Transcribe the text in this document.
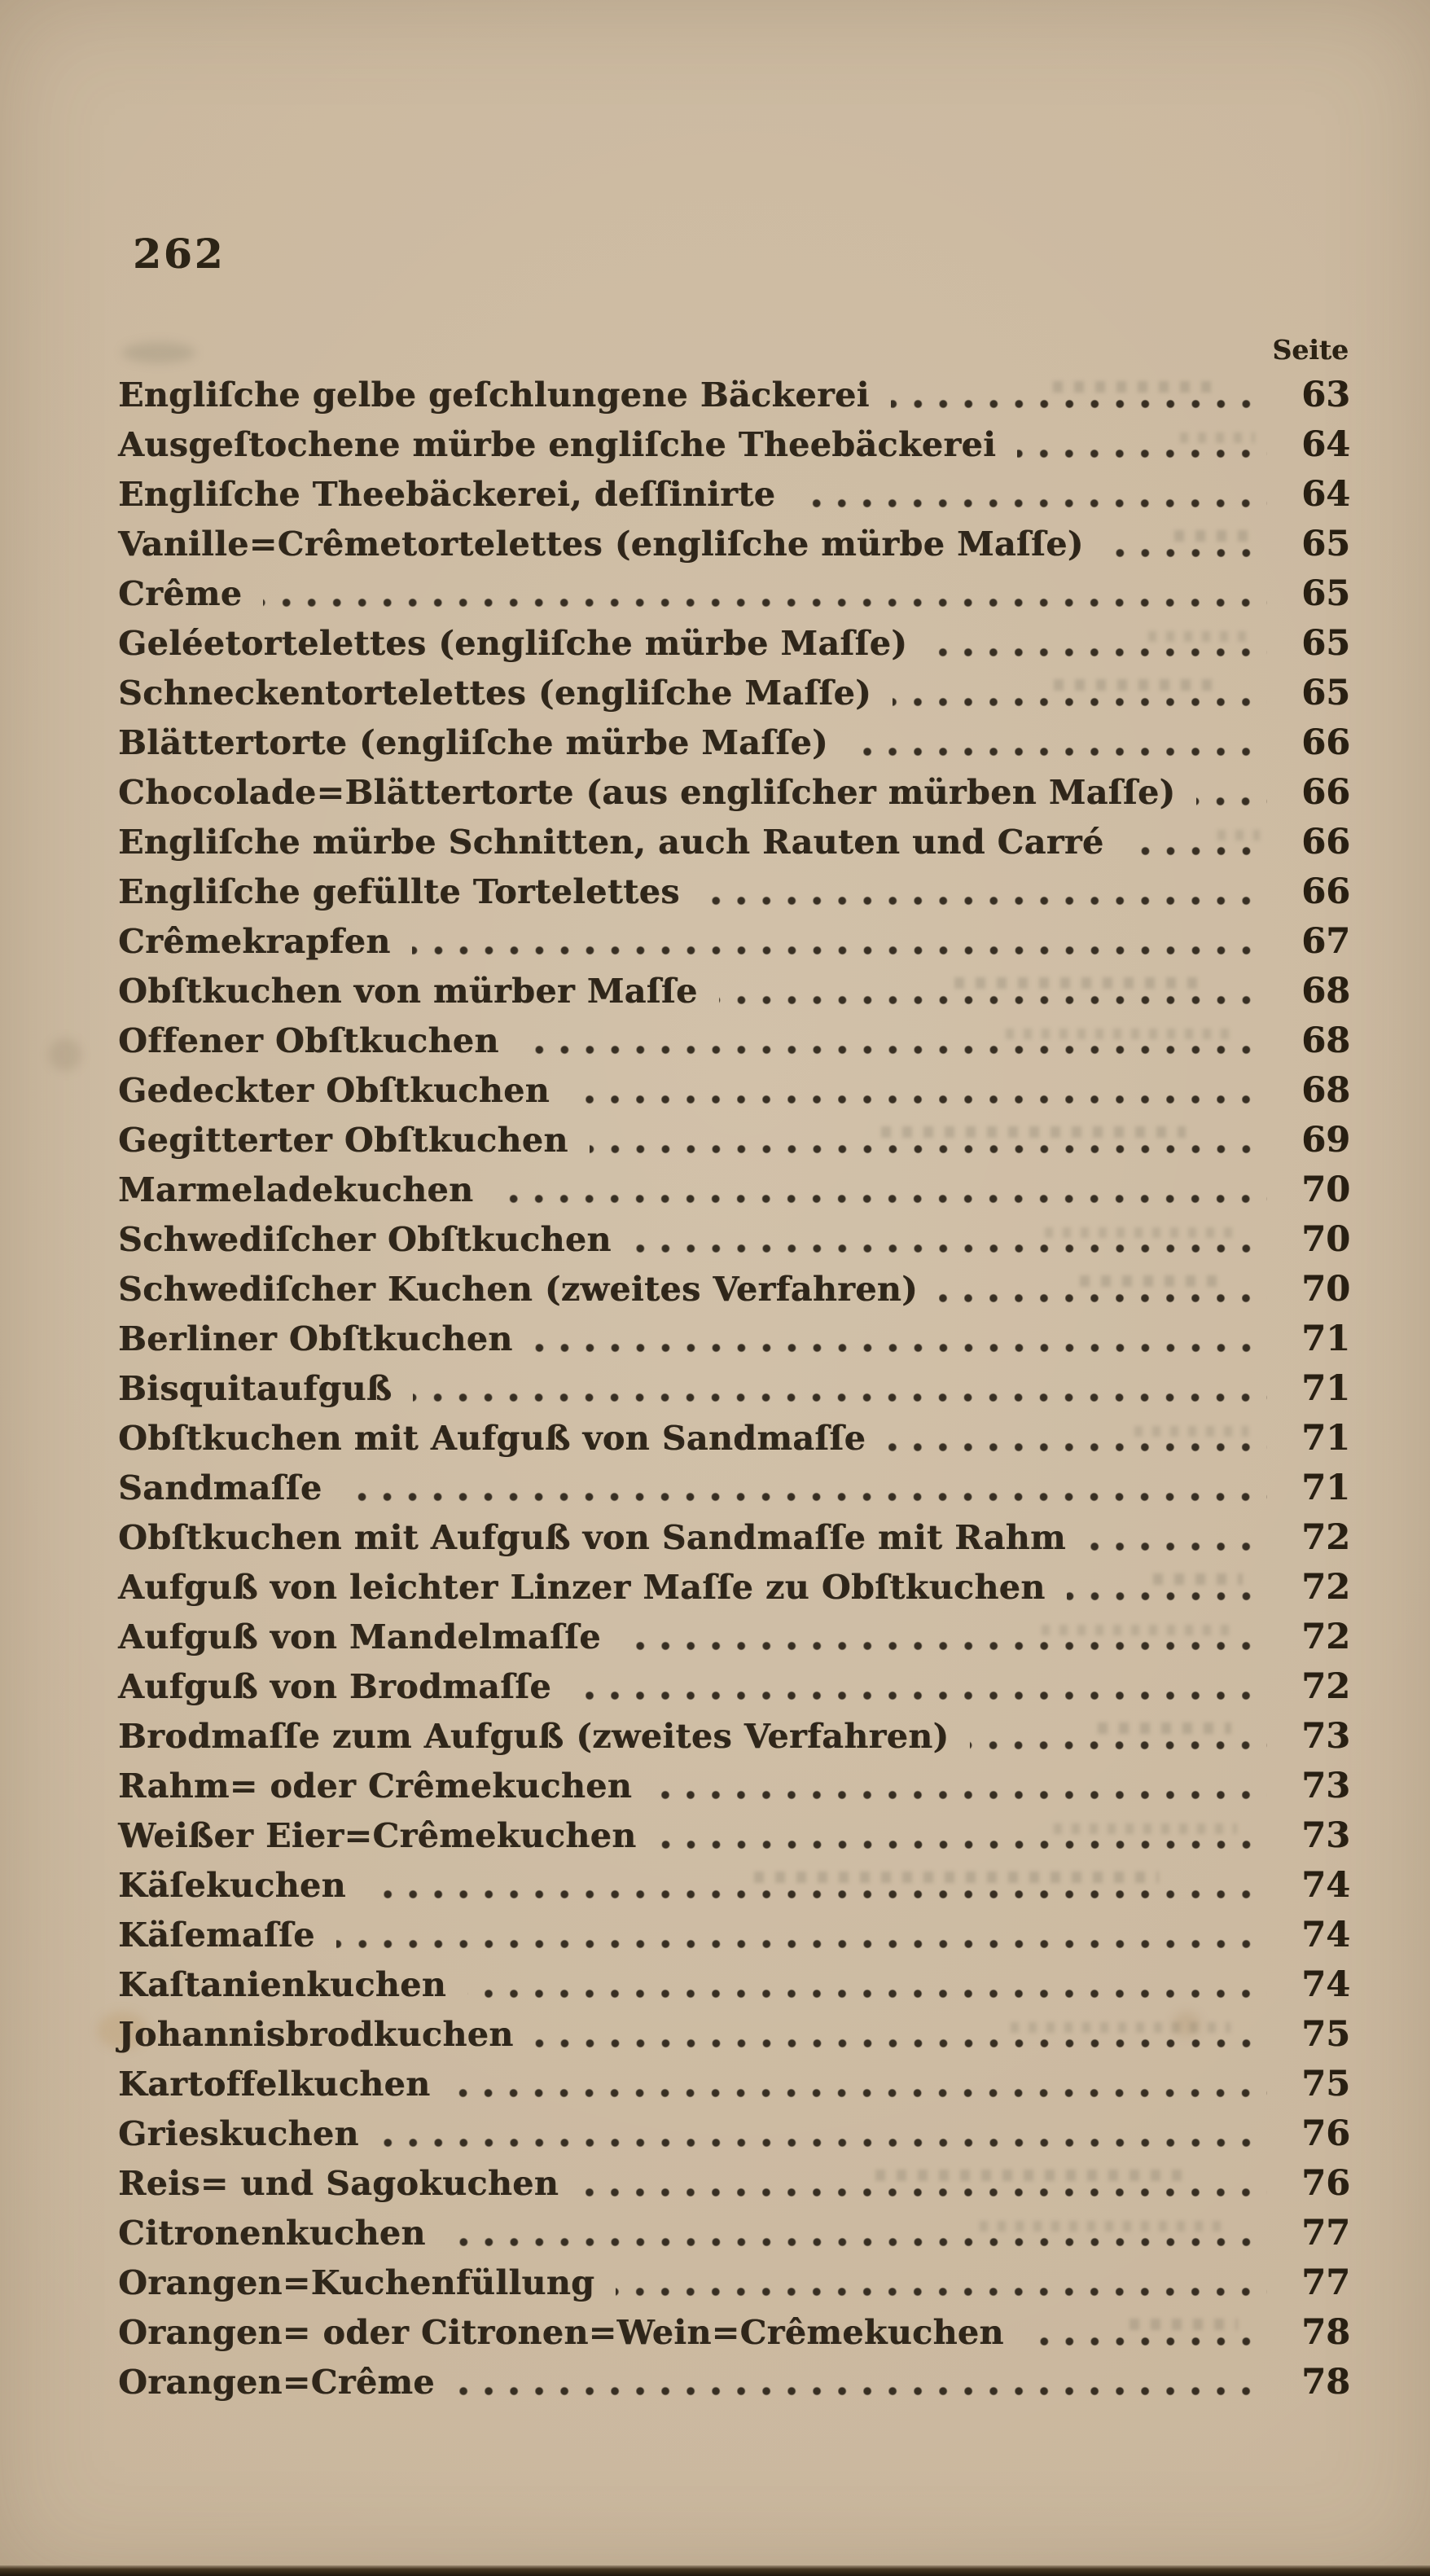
262
Seite
Engliſche gelbe geſchlungene Bäckerei	63
Ausgeſtochene mürbe engliſche Theebäckerei	64
Engliſche Theebäckerei, deſſinirte	64
Vanille=Crêmetortelettes (engliſche mürbe Maſſe)	65
Crême	65
Geléetortelettes (engliſche mürbe Maſſe)	65
Schneckentortelettes (engliſche Maſſe)	65
Blättertorte (engliſche mürbe Maſſe)	66
Chocolade=Blättertorte (aus engliſcher mürben Maſſe)	66
Engliſche mürbe Schnitten, auch Rauten und Carré	66
Engliſche gefüllte Tortelettes	66
Crêmekrapfen	67
Obſtkuchen von mürber Maſſe	68
Offener Obſtkuchen	68
Gedeckter Obſtkuchen	68
Gegitterter Obſtkuchen	69
Marmeladekuchen	70
Schwediſcher Obſtkuchen	70
Schwediſcher Kuchen (zweites Verfahren)	70
Berliner Obſtkuchen	71
Bisquitaufguß	71
Obſtkuchen mit Aufguß von Sandmaſſe	71
Sandmaſſe	71
Obſtkuchen mit Aufguß von Sandmaſſe mit Rahm	72
Aufguß von leichter Linzer Maſſe zu Obſtkuchen	72
Aufguß von Mandelmaſſe	72
Aufguß von Brodmaſſe	72
Brodmaſſe zum Aufguß (zweites Verfahren)	73
Rahm= oder Crêmekuchen	73
Weißer Eier=Crêmekuchen	73
Käſekuchen	74
Käſemaſſe	74
Kaſtanienkuchen	74
Johannisbrodkuchen	75
Kartoffelkuchen	75
Grieskuchen	76
Reis= und Sagokuchen	76
Citronenkuchen	77
Orangen=Kuchenfüllung	77
Orangen= oder Citronen=Wein=Crêmekuchen	78
Orangen=Crême	78
